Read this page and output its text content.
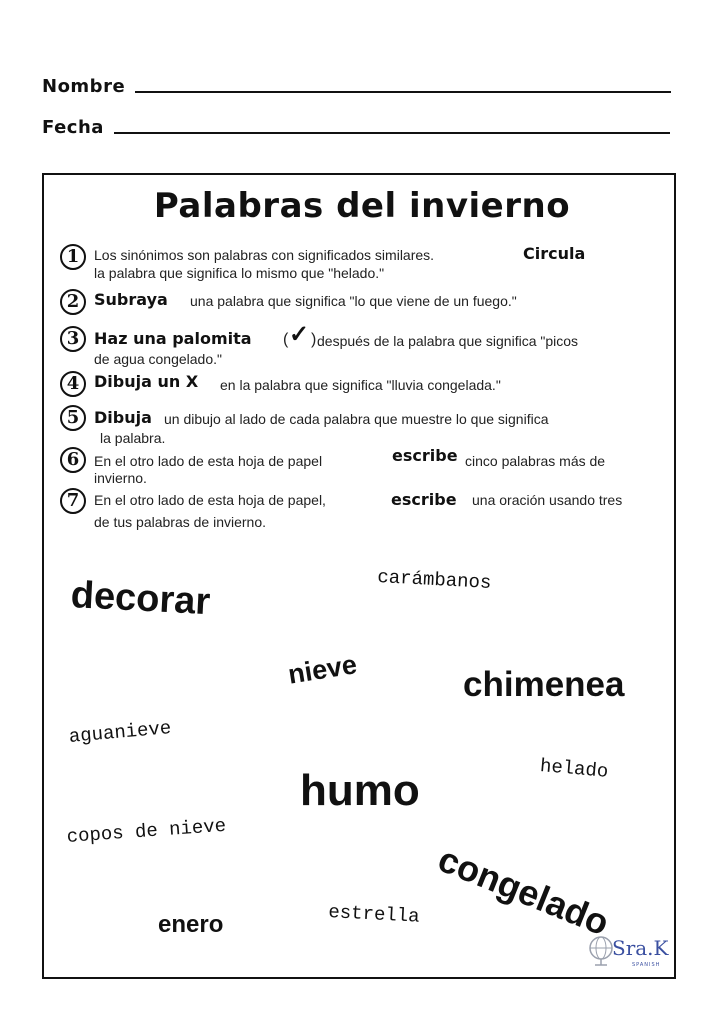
Nombre
Fecha
Palabras del invierno
1	Los sinónimos son palabras con significados similares.	Circula
la palabra que significa lo mismo que "helado."
2 Subraya una palabra que significa "lo que viene de un fuego."
3 Haz una palomita ( ✓ ) después de la palabra que significa "picos
de agua congelado."
4 Dibuja un X en la palabra que significa "lluvia congelada."
5 Dibuja un dibujo al lado de cada palabra que muestre lo que significa
la palabra.
6	En el otro lado de esta hoja de papel	escribe cinco palabras más de
invierno.
7	En el otro lado de esta hoja de papel,	escribe una oración usando tres
de tus palabras de invierno.
decorar	carámbanos
nieve	chimenea
aguanieve
helado
humo
copos de nieve
congelado
estrella
enero
Sra.K
SPANISH
